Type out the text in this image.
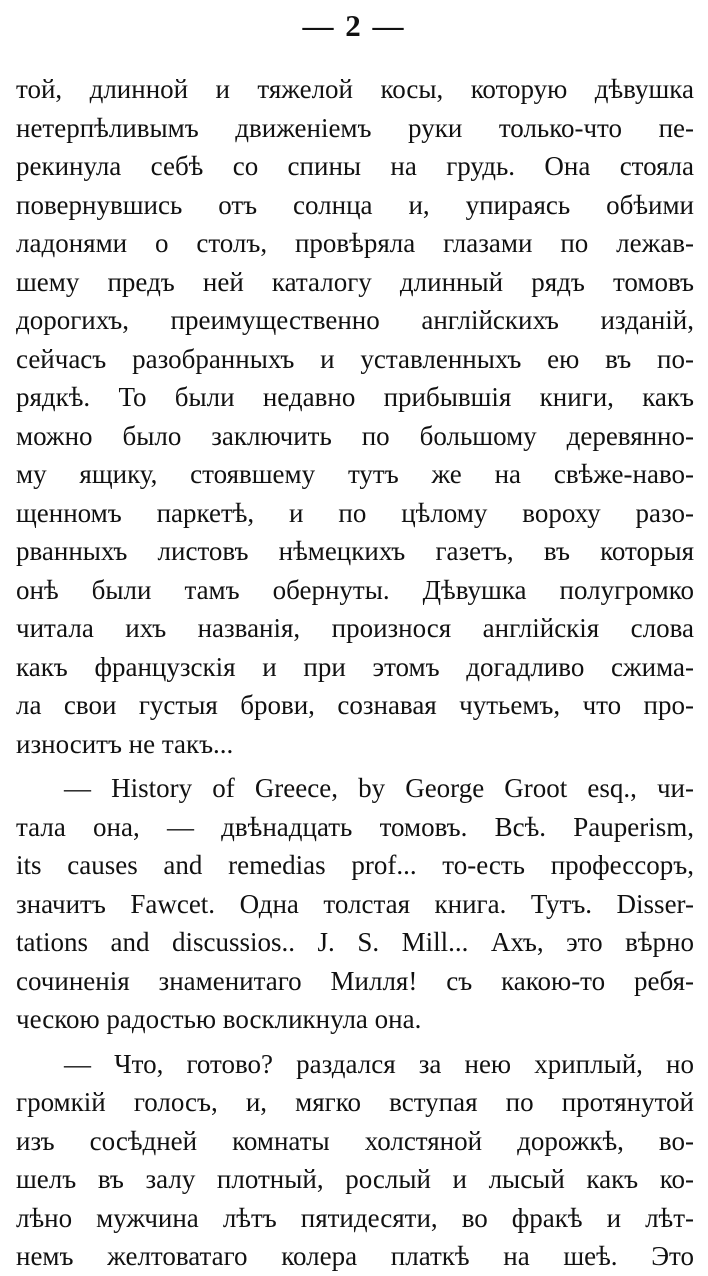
— 2 —
той, длинной и тяжелой косы, которую дѣвушка
нетерпѣливымъ движеніемъ руки только-что пе-
рекинула себѣ со спины на грудь. Она стояла
повернувшись отъ солнца и, упираясь обѣими
ладонями о столъ, провѣряла глазами по лежав-
шему предъ ней каталогу длинный рядъ томовъ
дорогихъ, преимущественно англійскихъ изданій,
сейчасъ разобранныхъ и уставленныхъ ею въ по-
рядкѣ. То были недавно прибывшія книги, какъ
можно было заключить по большому деревянно-
му ящику, стоявшему тутъ же на свѣже-наво-
щенномъ паркетѣ, и по цѣлому вороху разо-
рванныхъ листовъ нѣмецкихъ газетъ, въ которыя
онѣ были тамъ обернуты. Дѣвушка полугромко
читала ихъ названія, произнося англійскія слова
какъ французскія и при этомъ догадливо сжима-
ла свои густыя брови, сознавая чутьемъ, что про-
износитъ не такъ...
— History of Greece, by George Groot esq., чи-
тала она, — двѣнадцать томовъ. Всѣ. Pauperism,
its causes and remedias prof... то-есть профессоръ,
значитъ Fawcet. Одна толстая книга. Тутъ. Disser-
tations and discussios.. J. S. Mill... Ахъ, это вѣрно
сочиненія знаменитаго Милля! съ какою-то ребя-
ческою радостью воскликнула она.
— Что, готово? раздался за нею хриплый, но
громкій голосъ, и, мягко вступая по протянутой
изъ сосѣдней комнаты холстяной дорожкѣ, во-
шелъ въ залу плотный, рослый и лысый какъ ко-
лѣно мужчина лѣтъ пятидесяти, во фракѣ и лѣт-
немъ желтоватаго колера платкѣ на шеѣ. Это
